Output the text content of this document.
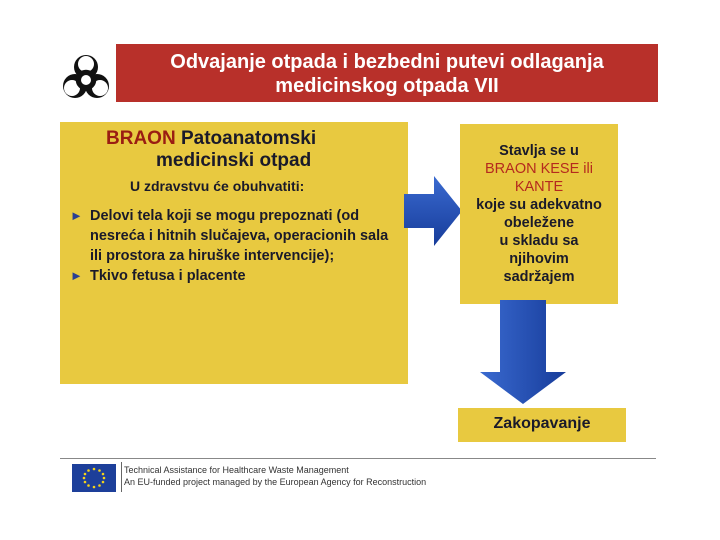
Odvajanje otpada i bezbedni putevi odlaganja
medicinskog otpada VII
BRAON Patoanatomski
medicinski otpad
U zdravstvu će obuhvatiti:
► Delovi tela koji se mogu prepoznati (od nesreća i hitnih slučajeva, operacionih sala ili prostora za hiruške intervencije);
► Tkivo fetusa i placente
Stavlja se u
BRAON KESE ili KANTE
koje su adekvatno obeležene
u skladu sa njihovim sadržajem
Zakopavanje
Technical Assistance for Healthcare Waste Management
An EU-funded project managed by the European Agency for Reconstruction
